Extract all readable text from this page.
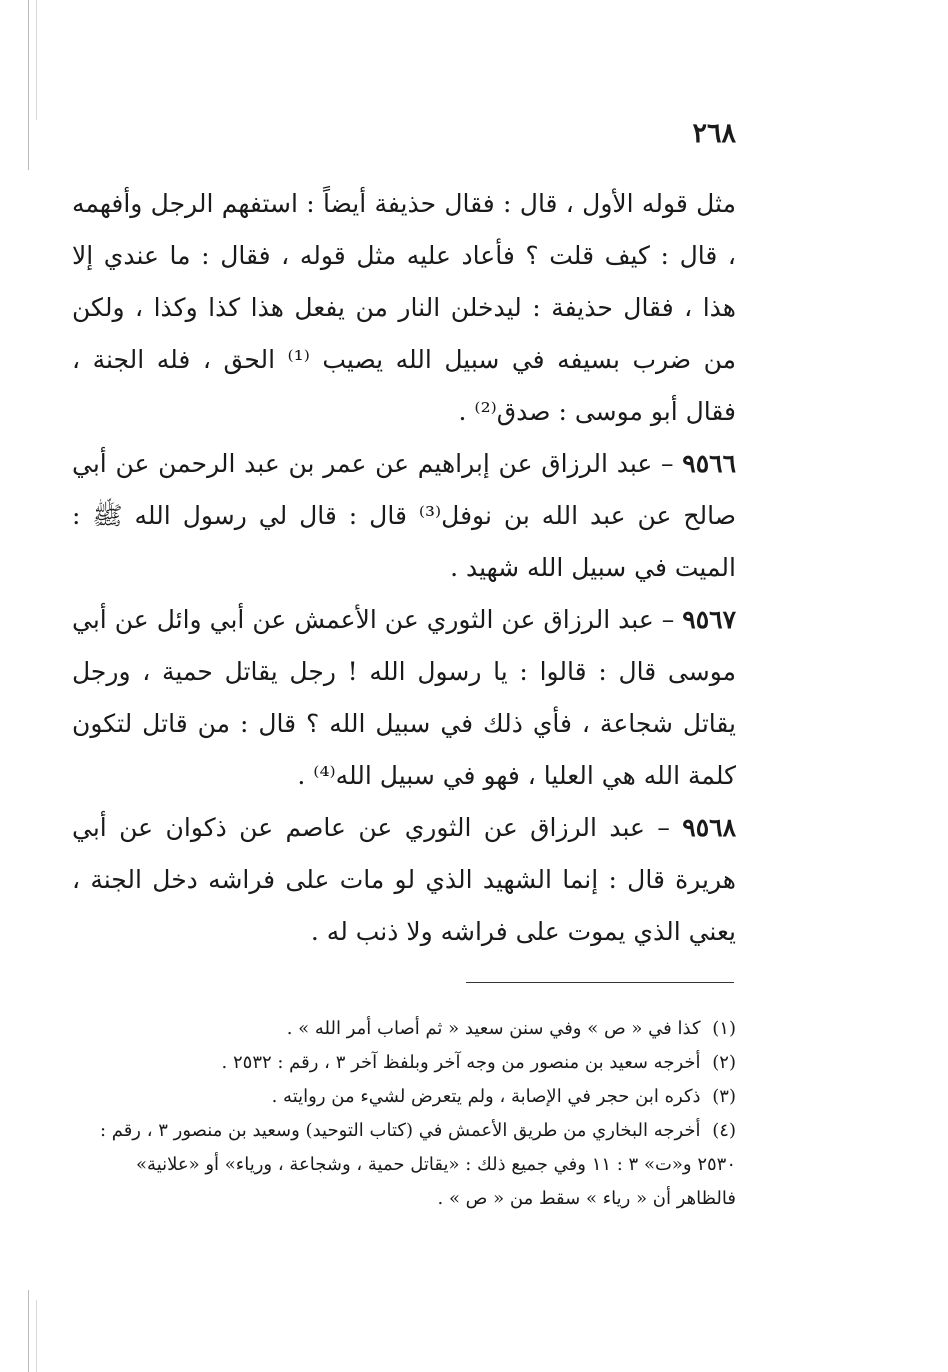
٢٦٨

مثل قوله الأول ، قال : فقال حذيفة أيضاً : استفهم الرجل وأفهمه ، قال : كيف قلت ؟ فأعاد عليه مثل قوله ، فقال : ما عندي إلا هذا ، فقال حذيفة : ليدخلن النار من يفعل هذا كذا وكذا ، ولكن من ضرب بسيفه في سبيل الله يصيب ⁽¹⁾ الحق ، فله الجنة ، فقال أبو موسى : صدق⁽²⁾ .

٩٥٦٦ – عبد الرزاق عن إبراهيم عن عمر بن عبد الرحمن عن أبي صالح عن عبد الله بن نوفل⁽³⁾ قال : قال لي رسول الله ﷺ : الميت في سبيل الله شهيد .

٩٥٦٧ – عبد الرزاق عن الثوري عن الأعمش عن أبي وائل عن أبي موسى قال : قالوا : يا رسول الله ! رجل يقاتل حمية ، ورجل يقاتل شجاعة ، فأي ذلك في سبيل الله ؟ قال : من قاتل لتكون كلمة الله هي العليا ، فهو في سبيل الله⁽⁴⁾ .

٩٥٦٨ – عبد الرزاق عن الثوري عن عاصم عن ذكوان عن أبي هريرة قال : إنما الشهيد الذي لو مات على فراشه دخل الجنة ، يعني الذي يموت على فراشه ولا ذنب له .

(١) كذا في « ص » وفي سنن سعيد « ثم أصاب أمر الله » .

(٢) أخرجه سعيد بن منصور من وجه آخر وبلفظ آخر ٣ ، رقم : ٢٥٣٢ .

(٣) ذكره ابن حجر في الإصابة ، ولم يتعرض لشيء من روايته .

(٤) أخرجه البخاري من طريق الأعمش في (كتاب التوحيد) وسعيد بن منصور ٣ ، رقم : ٢٥٣٠ و«ت» ٣ : ١١ وفي جميع ذلك : «يقاتل حمية ، وشجاعة ، ورياء» أو «علانية» فالظاهر أن « رياء » سقط من « ص » .
